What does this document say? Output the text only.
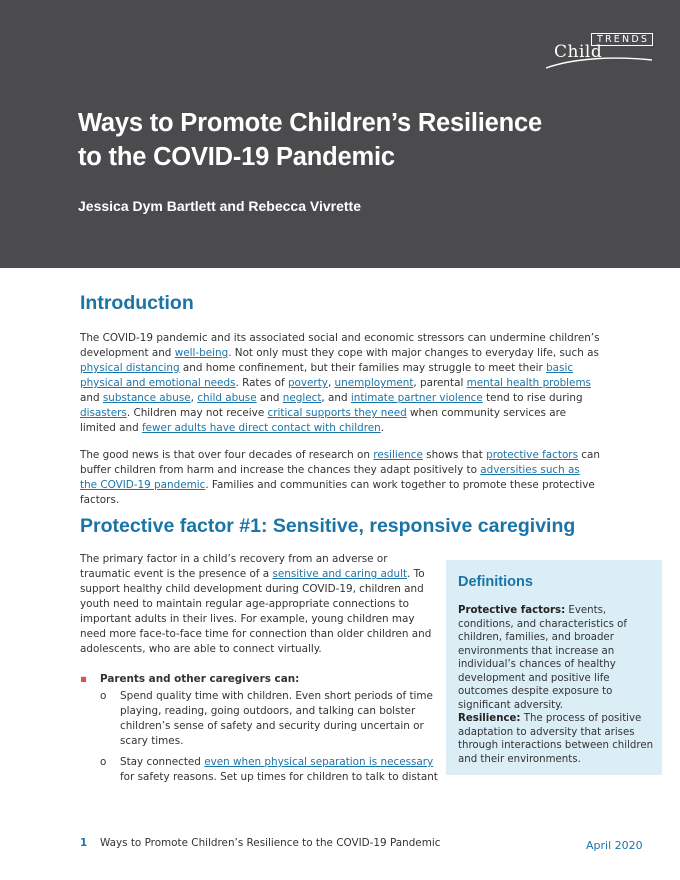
Child
TRENDS
Ways to Promote Children’s Resilience
to the COVID-19 Pandemic
Jessica Dym Bartlett and Rebecca Vivrette
Introduction
The COVID-19 pandemic and its associated social and economic stressors can undermine children’s development and well-being. Not only must they cope with major changes to everyday life, such as physical distancing and home confinement, but their families may struggle to meet their basic physical and emotional needs. Rates of poverty, unemployment, parental mental health problems and substance abuse, child abuse and neglect, and intimate partner violence tend to rise during disasters. Children may not receive critical supports they need when community services are limited and fewer adults have direct contact with children.
The good news is that over four decades of research on resilience shows that protective factors can buffer children from harm and increase the chances they adapt positively to adversities such as the COVID-19 pandemic. Families and communities can work together to promote these protective factors.
Protective factor #1: Sensitive, responsive caregiving
The primary factor in a child’s recovery from an adverse or traumatic event is the presence of a sensitive and caring adult. To support healthy child development during COVID-19, children and youth need to maintain regular age-appropriate connections to important adults in their lives. For example, young children may need more face-to-face time for connection than older children and adolescents, who are able to connect virtually.
▪ Parents and other caregivers can:
o Spend quality time with children. Even short periods of time playing, reading, going outdoors, and talking can bolster children’s sense of safety and security during uncertain or scary times.
o Stay connected even when physical separation is necessary for safety reasons. Set up times for children to talk to distant
Definitions
Protective factors: Events, conditions, and characteristics of children, families, and broader environments that increase an individual’s chances of healthy development and positive life outcomes despite exposure to significant adversity.
Resilience: The process of positive adaptation to adversity that arises through interactions between children and their environments.
1 Ways to Promote Children’s Resilience to the COVID-19 Pandemic	April 2020
